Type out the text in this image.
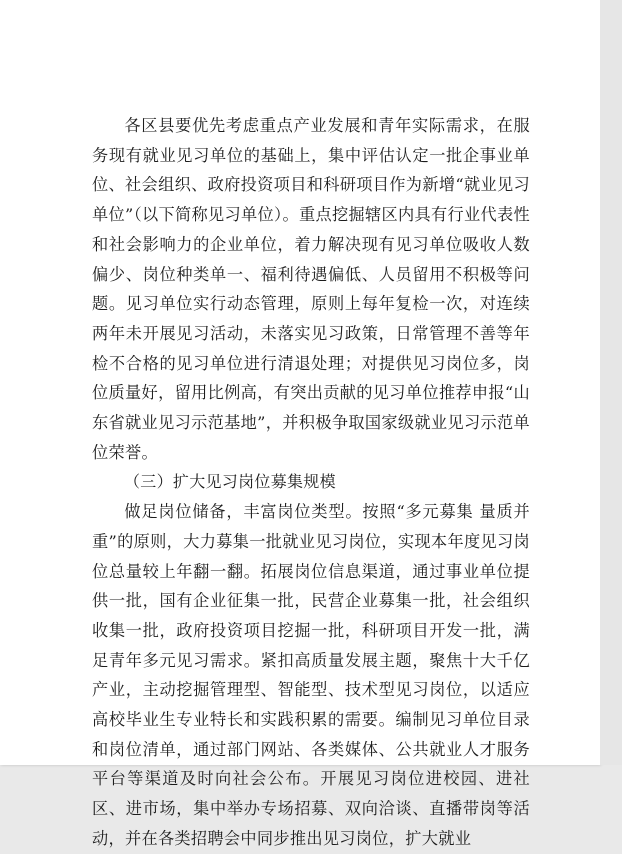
各区县要优先考虑重点产业发展和青年实际需求，在服务现有就业见习单位的基础上，集中评估认定一批企事业单位、社会组织、政府投资项目和科研项目作为新增“就业见习单位”（以下简称见习单位）。重点挖掘辖区内具有行业代表性和社会影响力的企业单位，着力解决现有见习单位吸收人数偏少、岗位种类单一、福利待遇偏低、人员留用不积极等问题。见习单位实行动态管理，原则上每年复检一次，对连续两年未开展见习活动，未落实见习政策，日常管理不善等年检不合格的见习单位进行清退处理；对提供见习岗位多，岗位质量好，留用比例高，有突出贡献的见习单位推荐申报“山东省就业见习示范基地”，并积极争取国家级就业见习示范单位荣誉。

（三）扩大见习岗位募集规模

做足岗位储备，丰富岗位类型。按照“多元募集 量质并重”的原则，大力募集一批就业见习岗位，实现本年度见习岗位总量较上年翻一翻。拓展岗位信息渠道，通过事业单位提供一批，国有企业征集一批，民营企业募集一批，社会组织收集一批，政府投资项目挖掘一批，科研项目开发一批，满足青年多元见习需求。紧扣高质量发展主题，聚焦十大千亿产业，主动挖掘管理型、智能型、技术型见习岗位，以适应高校毕业生专业特长和实践积累的需要。编制见习单位目录和岗位清单，通过部门网站、各类媒体、公共就业人才服务平台等渠道及时向社会公布。开展见习岗位进校园、进社区、进市场，集中举办专场招募、双向洽谈、直播带岗等活动，并在各类招聘会中同步推出见习岗位，扩大就业
